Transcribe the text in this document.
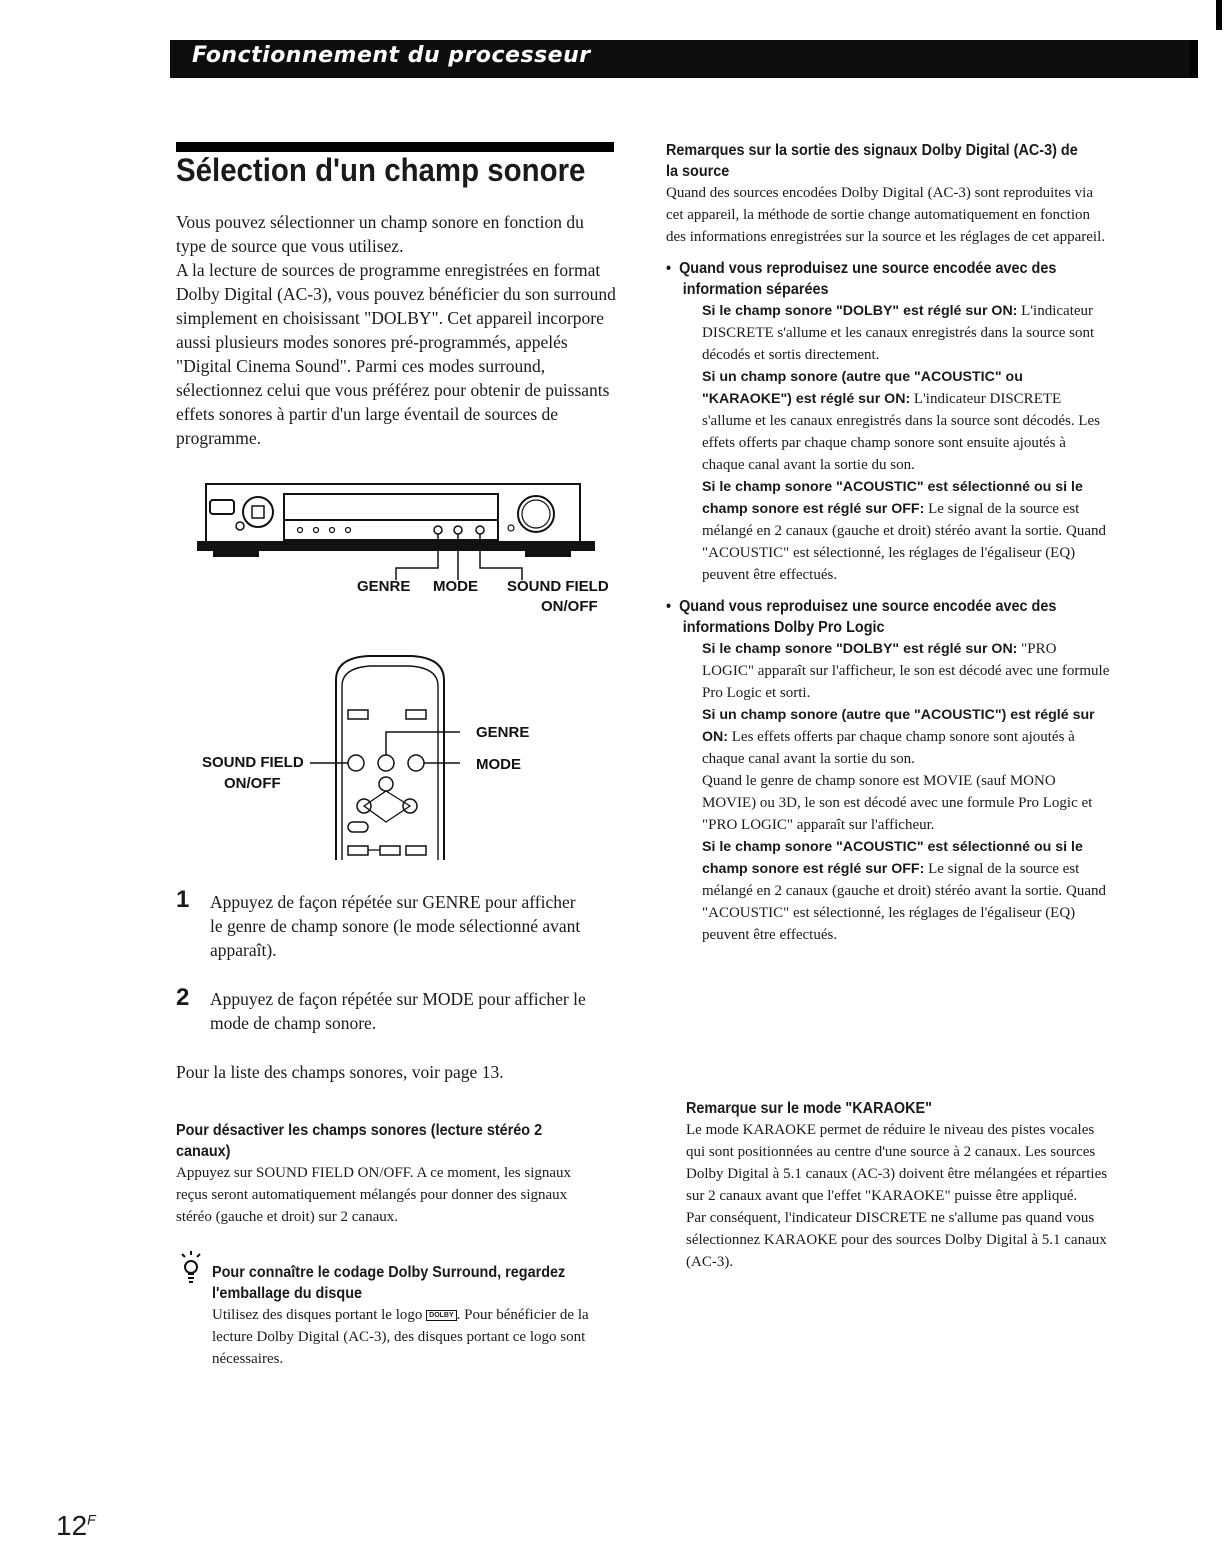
Fonctionnement du processeur
Sélection d'un champ sonore

Vous pouvez sélectionner un champ sonore en fonction du type de source que vous utilisez.

A la lecture de sources de programme enregistrées en format Dolby Digital (AC-3), vous pouvez bénéficier du son surround simplement en choisissant "DOLBY". Cet appareil incorpore aussi plusieurs modes sonores pré-programmés, appelés "Digital Cinema Sound". Parmi ces modes surround, sélectionnez celui que vous préférez pour obtenir de puissants effets sonores à partir d'un large éventail de sources de programme.

GENRE MODE SOUND FIELD
ON/OFF
GENRE
MODE
SOUND FIELD
ON/OFF
1 Appuyez de façon répétée sur GENRE pour afficher le genre de champ sonore (le mode sélectionné avant apparaît).

2 Appuyez de façon répétée sur MODE pour afficher le mode de champ sonore.

Pour la liste des champs sonores, voir page 13.

Pour désactiver les champs sonores (lecture stéréo 2 canaux)

Appuyez sur SOUND FIELD ON/OFF. A ce moment, les signaux reçus seront automatiquement mélangés pour donner des signaux stéréo (gauche et droit) sur 2 canaux.

Pour connaître le codage Dolby Surround, regardez l'emballage du disque

Utilisez des disques portant le logo DOLBY . Pour bénéficier de la lecture Dolby Digital (AC-3), des disques portant ce logo sont nécessaires.

Remarques sur la sortie des signaux Dolby Digital (AC-3) de la source

Quand des sources encodées Dolby Digital (AC-3) sont reproduites via cet appareil, la méthode de sortie change automatiquement en fonction des informations enregistrées sur la source et les réglages de cet appareil.

•  Quand vous reproduisez une source encodée avec des information séparées

Si le champ sonore "DOLBY" est réglé sur ON: L'indicateur DISCRETE s'allume et les canaux enregistrés dans la source sont décodés et sortis directement.
Si un champ sonore (autre que "ACOUSTIC" ou "KARAOKE") est réglé sur ON: L'indicateur DISCRETE s'allume et les canaux enregistrés dans la source sont décodés. Les effets offerts par chaque champ sonore sont ensuite ajoutés à chaque canal avant la sortie du son.
Si le champ sonore "ACOUSTIC" est sélectionné ou si le champ sonore est réglé sur OFF: Le signal de la source est mélangé en 2 canaux (gauche et droit) stéréo avant la sortie. Quand "ACOUSTIC" est sélectionné, les réglages de l'égaliseur (EQ) peuvent être effectués.

•  Quand vous reproduisez une source encodée avec des informations Dolby Pro Logic

Si le champ sonore "DOLBY" est réglé sur ON: "PRO LOGIC" apparaît sur l'afficheur, le son est décodé avec une formule Pro Logic et sorti.
Si un champ sonore (autre que "ACOUSTIC") est réglé sur ON: Les effets offerts par chaque champ sonore sont ajoutés à chaque canal avant la sortie du son.
Quand le genre de champ sonore est MOVIE (sauf MONO MOVIE) ou 3D, le son est décodé avec une formule Pro Logic et "PRO LOGIC" apparaît sur l'afficheur.
Si le champ sonore "ACOUSTIC" est sélectionné ou si le champ sonore est réglé sur OFF: Le signal de la source est mélangé en 2 canaux (gauche et droit) stéréo avant la sortie. Quand "ACOUSTIC" est sélectionné, les réglages de l'égaliseur (EQ) peuvent être effectués.

Remarque sur le mode "KARAOKE"

Le mode KARAOKE permet de réduire le niveau des pistes vocales qui sont positionnées au centre d'une source à 2 canaux. Les sources Dolby Digital à 5.1 canaux (AC-3) doivent être mélangées et réparties sur 2 canaux avant que l'effet "KARAOKE" puisse être appliqué.

Par conséquent, l'indicateur DISCRETE ne s'allume pas quand vous sélectionnez KARAOKE pour des sources Dolby Digital à 5.1 canaux (AC-3).

$12^F$
